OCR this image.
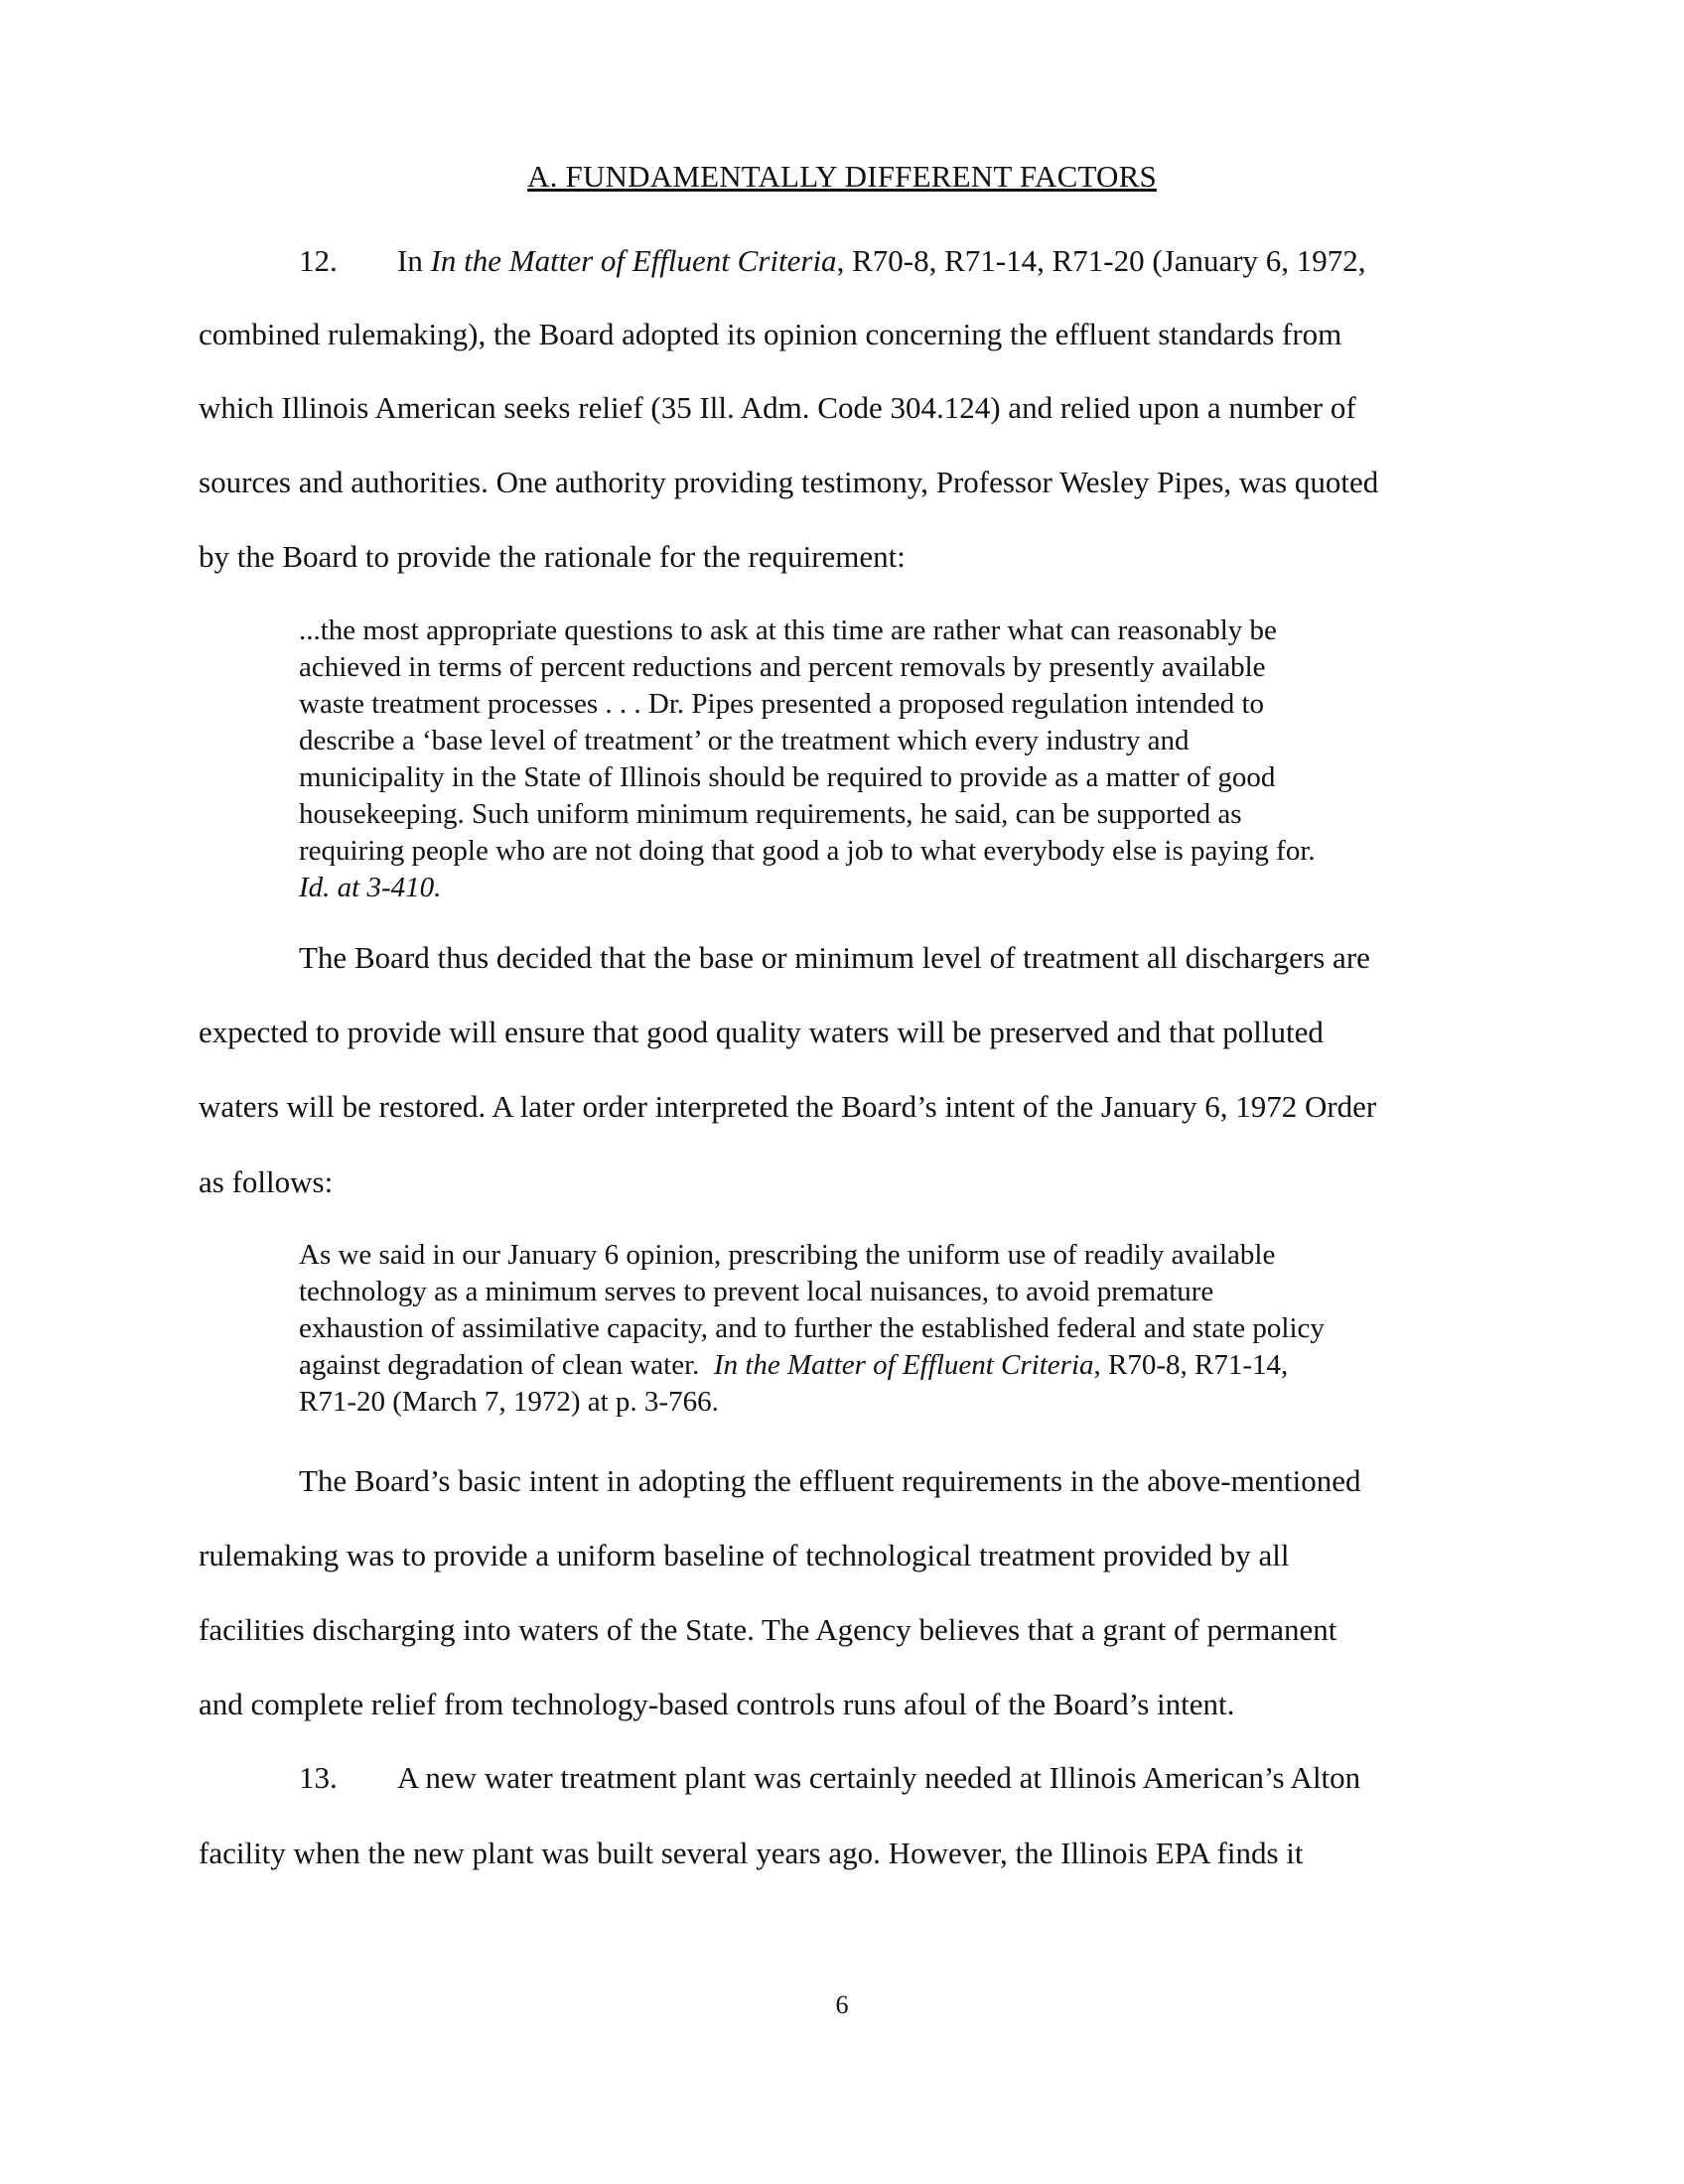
A. FUNDAMENTALLY DIFFERENT FACTORS
12. In In the Matter of Effluent Criteria, R70-8, R71-14, R71-20 (January 6, 1972,
combined rulemaking), the Board adopted its opinion concerning the effluent standards from
which Illinois American seeks relief (35 Ill. Adm. Code 304.124) and relied upon a number of
sources and authorities. One authority providing testimony, Professor Wesley Pipes, was quoted
by the Board to provide the rationale for the requirement:

...the most appropriate questions to ask at this time are rather what can reasonably be

achieved in terms of percent reductions and percent removals by presently available

waste treatment processes . . . Dr. Pipes presented a proposed regulation intended to

describe a ‘base level of treatment’ or the treatment which every industry and

municipality in the State of Illinois should be required to provide as a matter of good

housekeeping. Such uniform minimum requirements, he said, can be supported as

requiring people who are not doing that good a job to what everybody else is paying for.

Id. at 3-410.

The Board thus decided that the base or minimum level of treatment all dischargers are
expected to provide will ensure that good quality waters will be preserved and that polluted
waters will be restored. A later order interpreted the Board’s intent of the January 6, 1972 Order
as follows:

As we said in our January 6 opinion, prescribing the uniform use of readily available

technology as a minimum serves to prevent local nuisances, to avoid premature

exhaustion of assimilative capacity, and to further the established federal and state policy

against degradation of clean water.  In the Matter of Effluent Criteria, R70-8, R71-14,

R71-20 (March 7, 1972) at p. 3-766.

The Board’s basic intent in adopting the effluent requirements in the above-mentioned
rulemaking was to provide a uniform baseline of technological treatment provided by all
facilities discharging into waters of the State. The Agency believes that a grant of permanent
and complete relief from technology-based controls runs afoul of the Board’s intent.
13. A new water treatment plant was certainly needed at Illinois American’s Alton
facility when the new plant was built several years ago. However, the Illinois EPA finds it
6
